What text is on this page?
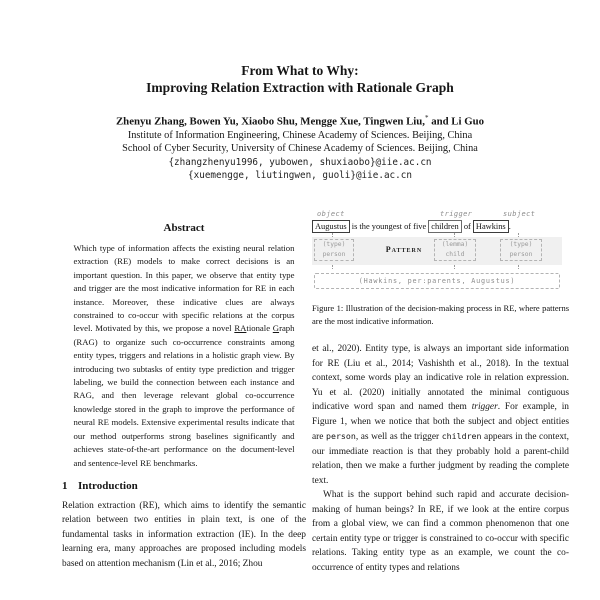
From What to Why:
Improving Relation Extraction with Rationale Graph
Zhenyu Zhang, Bowen Yu, Xiaobo Shu, Mengge Xue, Tingwen Liu,* and Li Guo
Institute of Information Engineering, Chinese Academy of Sciences. Beijing, China
School of Cyber Security, University of Chinese Academy of Sciences. Beijing, China
{zhangzhenyu1996, yubowen, shuxiaobo}@iie.ac.cn
{xuemengge, liutingwen, guoli}@iie.ac.cn
Abstract
Which type of information affects the existing neural relation extraction (RE) models to make correct decisions is an important question. In this paper, we observe that entity type and trigger are the most indicative information for RE in each instance. Moreover, these indicative clues are always constrained to co-occur with specific relations at the corpus level. Motivated by this, we propose a novel RAtionale Graph (RAG) to organize such co-occurrence constraints among entity types, triggers and relations in a holistic graph view. By introducing two subtasks of entity type prediction and trigger labeling, we build the connection between each instance and RAG, and then leverage relevant global co-occurrence knowledge stored in the graph to improve the performance of neural RE models. Extensive experimental results indicate that our method outperforms strong baselines significantly and achieves state-of-the-art performance on the document-level and sentence-level RE benchmarks.
1 Introduction
Relation extraction (RE), which aims to identify the semantic relation between two entities in plain text, is one of the fundamental tasks in information extraction (IE). In the deep learning era, many approaches are proposed including models based on attention mechanism (Lin et al., 2016; Zhou
object	trigger	subject
Augustus is the youngest of five children of Hawkins .
(type)
person
Pattern
(lemma)
child
(type)
person
(Hawkins, per:parents, Augustus)
Figure 1: Illustration of the decision-making process in RE, where patterns are the most indicative information.
et al., 2020). Entity type, is always an important side information for RE (Liu et al., 2014; Vashishth et al., 2018). In the textual context, some words play an indicative role in relation expression. Yu et al. (2020) initially annotated the minimal contiguous indicative word span and named them trigger. For example, in Figure 1, when we notice that both the subject and object entities are person, as well as the trigger children appears in the context, our immediate reaction is that they probably hold a parent-child relation, then we make a further judgment by reading the complete text.
What is the support behind such rapid and accurate decision-making of human beings? In RE, if we look at the entire corpus from a global view, we can find a common phenomenon that one certain entity type or trigger is constrained to co-occur with specific relations. Taking entity type as an example, we count the co-occurrence of entity types and relations
